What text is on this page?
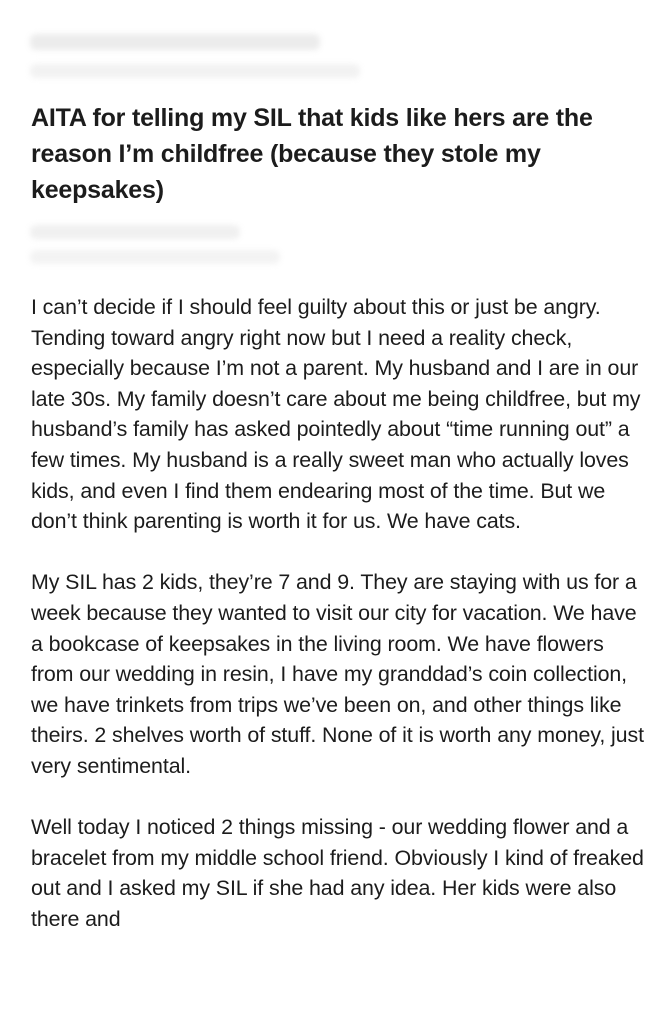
AITA for telling my SIL that kids like hers are the reason I’m childfree (because they stole my keepsakes)

I can’t decide if I should feel guilty about this or just be angry. Tending toward angry right now but I need a reality check, especially because I’m not a parent. My husband and I are in our late 30s. My family doesn’t care about me being childfree, but my husband’s family has asked pointedly about “time running out” a few times. My husband is a really sweet man who actually loves kids, and even I find them endearing most of the time. But we don’t think parenting is worth it for us. We have cats.

My SIL has 2 kids, they’re 7 and 9. They are staying with us for a week because they wanted to visit our city for vacation. We have a bookcase of keepsakes in the living room. We have flowers from our wedding in resin, I have my granddad’s coin collection, we have trinkets from trips we’ve been on, and other things like theirs. 2 shelves worth of stuff. None of it is worth any money, just very sentimental.

Well today I noticed 2 things missing - our wedding flower and a bracelet from my middle school friend. Obviously I kind of freaked out and I asked my SIL if she had any idea. Her kids were also there and
